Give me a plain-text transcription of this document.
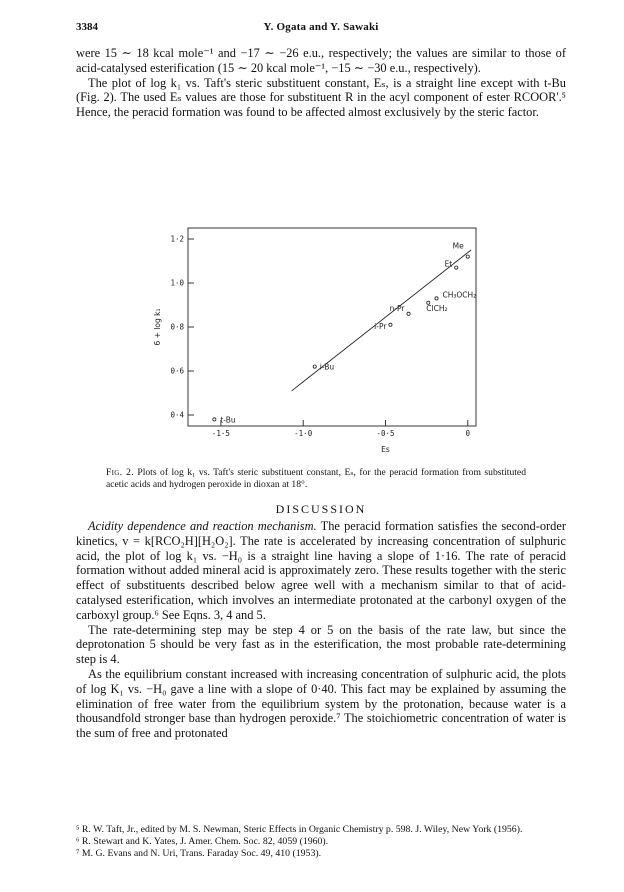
3384	Y. Ogata and Y. Sawaki

were 15 ∼ 18 kcal mole⁻¹ and −17 ∼ −26 e.u., respectively; the values are similar to those of acid-catalysed esterification (15 ∼ 20 kcal mole⁻¹, −15 ∼ −30 e.u., respectively).

The plot of log k₁ vs. Taft's steric substituent constant, Eₛ, is a straight line except with t-Bu (Fig. 2). The used Eₛ values are those for substituent R in the acyl component of ester RCOOR'.⁵ Hence, the peracid formation was found to be affected almost exclusively by the steric factor.

-1·5	-1·0	-0·5	0
0·4
0·6
0·8
1·0
1·2
Es
6 + log k₁
t-Bu
i-Bu
i-Pr
n-Pr	ClCH₂
CH₃OCH₂
Et
Me
Fig. 2. Plots of log k₁ vs. Taft's steric substituent constant, Eₛ, for the peracid formation from substituted acetic acids and hydrogen peroxide in dioxan at 18°.
DISCUSSION

Acidity dependence and reaction mechanism. The peracid formation satisfies the second-order kinetics, v = k[RCO₂H][H₂O₂]. The rate is accelerated by increasing concentration of sulphuric acid, the plot of log k₁ vs. −H₀ is a straight line having a slope of 1·16. The rate of peracid formation without added mineral acid is approximately zero. These results together with the steric effect of substituents described below agree well with a mechanism similar to that of acid-catalysed esterification, which involves an intermediate protonated at the carbonyl oxygen of the carboxyl group.⁶ See Eqns. 3, 4 and 5.

The rate-determining step may be step 4 or 5 on the basis of the rate law, but since the deprotonation 5 should be very fast as in the esterification, the most probable rate-determining step is 4.

As the equilibrium constant increased with increasing concentration of sulphuric acid, the plots of log K₁ vs. −H₀ gave a line with a slope of 0·40. This fact may be explained by assuming the elimination of free water from the equilibrium system by the protonation, because water is a thousandfold stronger base than hydrogen peroxide.⁷ The stoichiometric concentration of water is the sum of free and protonated

⁵ R. W. Taft, Jr., edited by M. S. Newman, Steric Effects in Organic Chemistry p. 598. J. Wiley, New York (1956).
⁶ R. Stewart and K. Yates, J. Amer. Chem. Soc. 82, 4059 (1960).
⁷ M. G. Evans and N. Uri, Trans. Faraday Soc. 49, 410 (1953).
